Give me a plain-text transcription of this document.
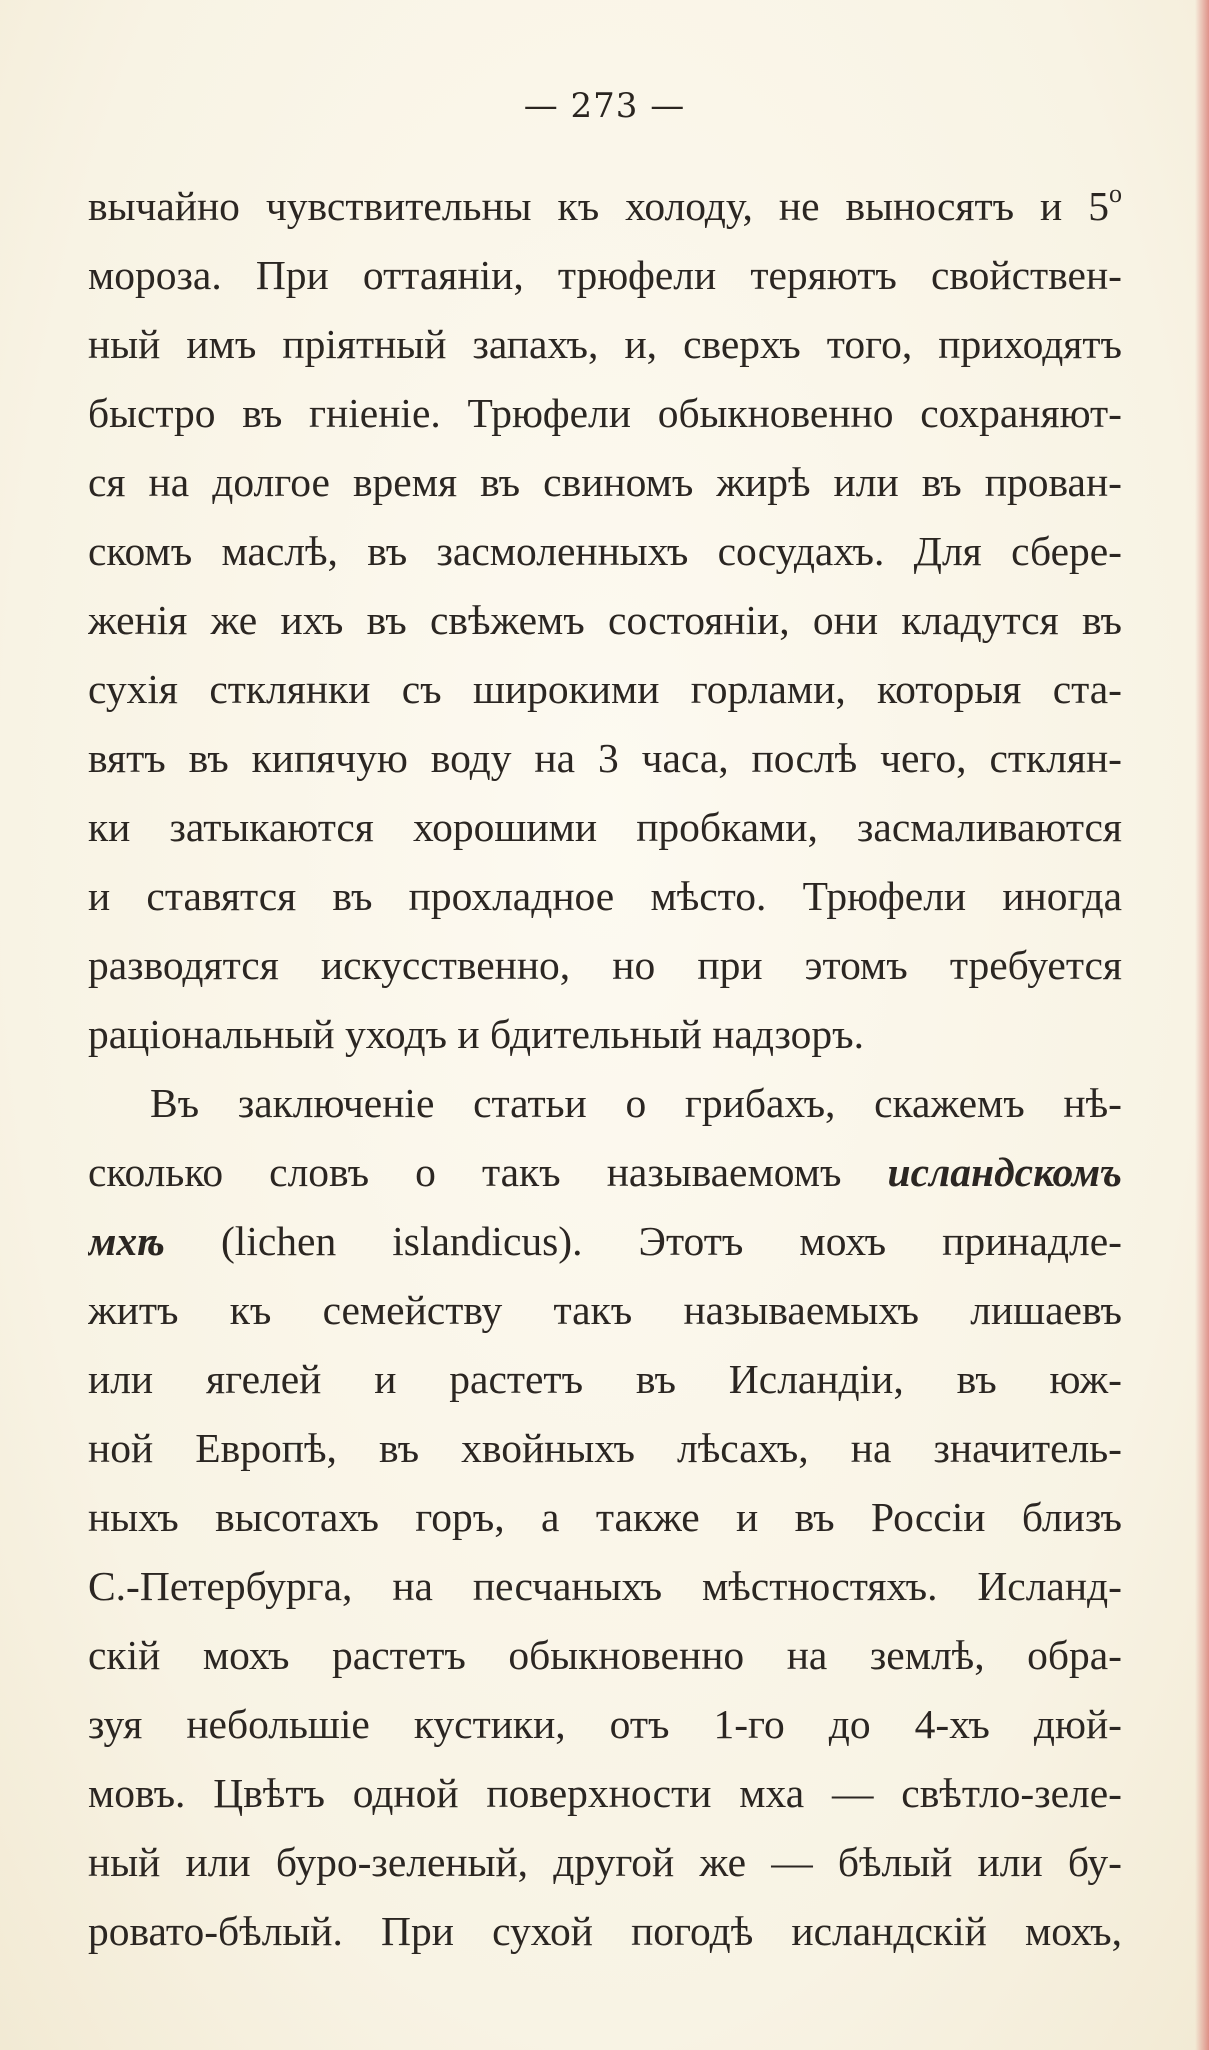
— 273 —
вычайно чувствительны къ холоду, не выносятъ и $5^о$
мороза. При оттаяніи, трюфели теряютъ свойствен-
ный имъ пріятный запахъ, и, сверхъ того, приходятъ
быстро въ гніеніе. Трюфели обыкновенно сохраняют-
ся на долгое время въ свиномъ жирѣ или въ прован-
скомъ маслѣ, въ засмоленныхъ сосудахъ. Для сбере-
женія же ихъ въ свѣжемъ состояніи, они кладутся въ
сухія стклянки съ широкими горлами, которыя ста-
вятъ въ кипячую воду на 3 часа, послѣ чего, стклян-
ки затыкаются хорошими пробками, засмаливаются
и ставятся въ прохладное мѣсто. Трюфели иногда
разводятся искусственно, но при этомъ требуется
раціональный уходъ и бдительный надзоръ.
Въ заключеніе статьи о грибахъ, скажемъ нѣ-
сколько словъ о такъ называемомъ исландскомъ
мхѣ (lichen islandicus). Этотъ мохъ принадле-
житъ къ семейству такъ называемыхъ лишаевъ
или ягелей и растетъ въ Исландіи, въ юж-
ной Европѣ, въ хвойныхъ лѣсахъ, на значитель-
ныхъ высотахъ горъ, а также и въ Россіи близъ
С.-Петербурга, на песчаныхъ мѣстностяхъ. Исланд-
скій мохъ растетъ обыкновенно на землѣ, обра-
зуя небольшіе кустики, отъ 1-го до 4-хъ дюй-
мовъ. Цвѣтъ одной поверхности мха — свѣтло-зеле-
ный или буро-зеленый, другой же — бѣлый или бу-
ровато-бѣлый. При сухой погодѣ исландскій мохъ,
